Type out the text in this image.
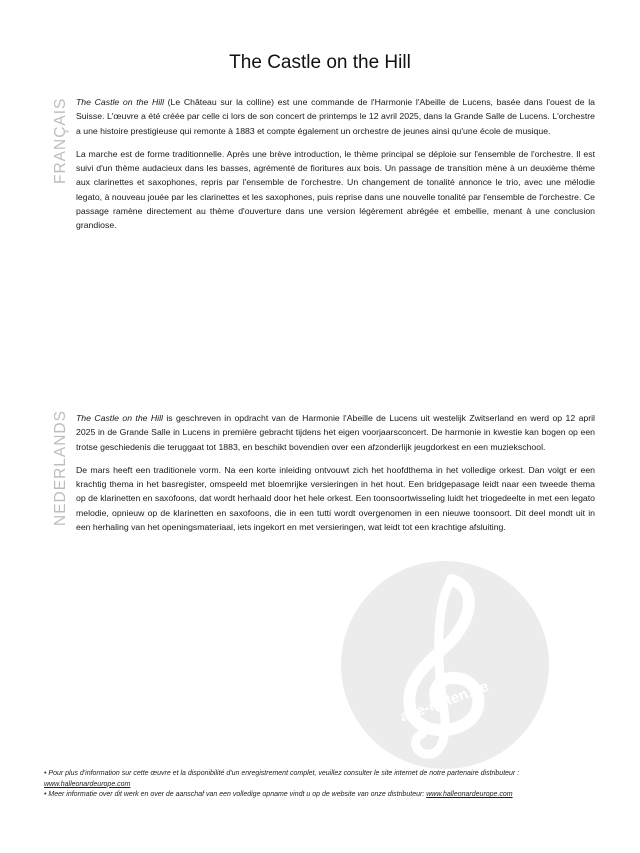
The Castle on the Hill
FRANÇAIS The Castle on the Hill (Le Château sur la colline) est une commande de l'Harmonie l'Abeille de Lucens, basée dans l'ouest de la Suisse. L'œuvre a été créée par celle ci lors de son concert de printemps le 12 avril 2025, dans la Grande Salle de Lucens. L'orchestre a une histoire prestigieuse qui remonte à 1883 et compte également un orchestre de jeunes ainsi qu'une école de musique.

La marche est de forme traditionnelle. Après une brève introduction, le thème principal se déploie sur l'ensemble de l'orchestre. Il est suivi d'un thème audacieux dans les basses, agrémenté de fioritures aux bois. Un passage de transition mène à un deuxième thème aux clarinettes et saxophones, repris par l'ensemble de l'orchestre. Un changement de tonalité annonce le trio, avec une mélodie legato, à nouveau jouée par les clarinettes et les saxophones, puis reprise dans une nouvelle tonalité par l'ensemble de l'orchestre. Ce passage ramène directement au thème d'ouverture dans une version légèrement abrégée et embellie, menant à une conclusion grandiose.

NEDERLANDS The Castle on the Hill is geschreven in opdracht van de Harmonie l'Abeille de Lucens uit westelijk Zwitserland en werd op 12 april 2025 in de Grande Salle in Lucens in première gebracht tijdens het eigen voorjaarsconcert. De harmonie in kwestie kan bogen op een trotse geschiedenis die teruggaat tot 1883, en beschikt bovendien over een afzonderlijk jeugdorkest en een muziekschool.

De mars heeft een traditionele vorm. Na een korte inleiding ontvouwt zich het hoofdthema in het volledige orkest. Dan volgt er een krachtig thema in het basregister, omspeeld met bloemrijke versieringen in het hout. Een bridgepasage leidt naar een tweede thema op de klarinetten en saxofoons, dat wordt herhaald door het hele orkest. Een toonsoortwisseling luidt het triogedeelte in met een legato melodie, opnieuw op de klarinetten en saxofoons, die in een tutti wordt overgenomen in een nieuwe toonsoort. Dit deel mondt uit in een herhaling van het openingsmateriaal, iets ingekort en met versieringen, wat leidt tot een krachtige afsluiting.

alle-noten.de

• Pour plus d'information sur cette œuvre et la disponibilité d'un enregistrement complet, veuillez consulter le site internet de notre partenaire distributeur : www.halleonardeurope.com

• Meer informatie over dit werk en over de aanschaf van een volledige opname vindt u op de website van onze distributeur: www.halleonardeurope.com
